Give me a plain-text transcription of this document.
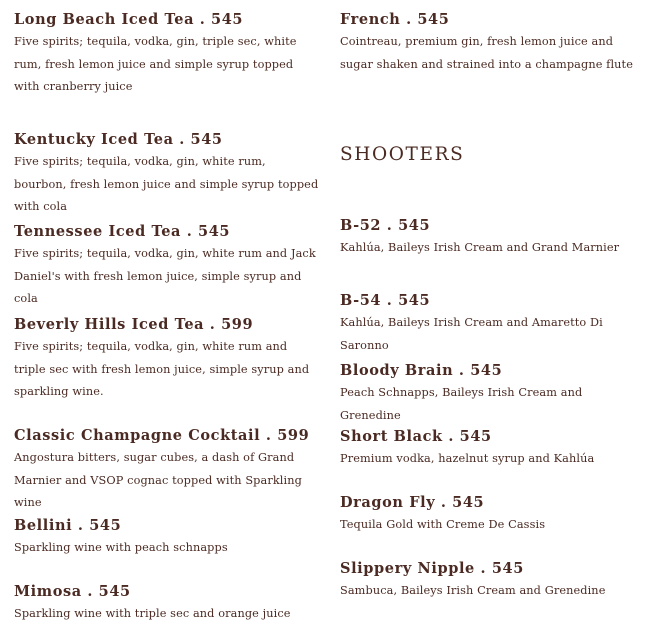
Long Beach Iced Tea . 545
Five spirits; tequila, vodka, gin, triple sec, white rum, fresh lemon juice and simple syrup topped with cranberry juice
Kentucky Iced Tea . 545
Five spirits; tequila, vodka, gin, white rum, bourbon, fresh lemon juice and simple syrup topped with cola
Tennessee Iced Tea . 545
Five spirits; tequila, vodka, gin, white rum and Jack Daniel's with fresh lemon juice, simple syrup and cola
Beverly Hills Iced Tea . 599
Five spirits; tequila, vodka, gin, white rum and triple sec with fresh lemon juice, simple syrup and sparkling wine.
Classic Champagne Cocktail . 599
Angostura bitters, sugar cubes, a dash of Grand Marnier and VSOP cognac topped with Sparkling wine
Bellini . 545
Sparkling wine with peach schnapps
Mimosa . 545
Sparkling wine with triple sec and orange juice
French . 545
Cointreau, premium gin, fresh lemon juice and sugar shaken and strained into a champagne flute
SHOOTERS
B-52 . 545
Kahlúa, Baileys Irish Cream and Grand Marnier
B-54 . 545
Kahlúa, Baileys Irish Cream and Amaretto Di Saronno
Bloody Brain . 545
Peach Schnapps, Baileys Irish Cream and Grenedine
Short Black . 545
Premium vodka, hazelnut syrup and Kahlúa
Dragon Fly . 545
Tequila Gold with Creme De Cassis
Slippery Nipple . 545
Sambuca, Baileys Irish Cream and Grenedine
